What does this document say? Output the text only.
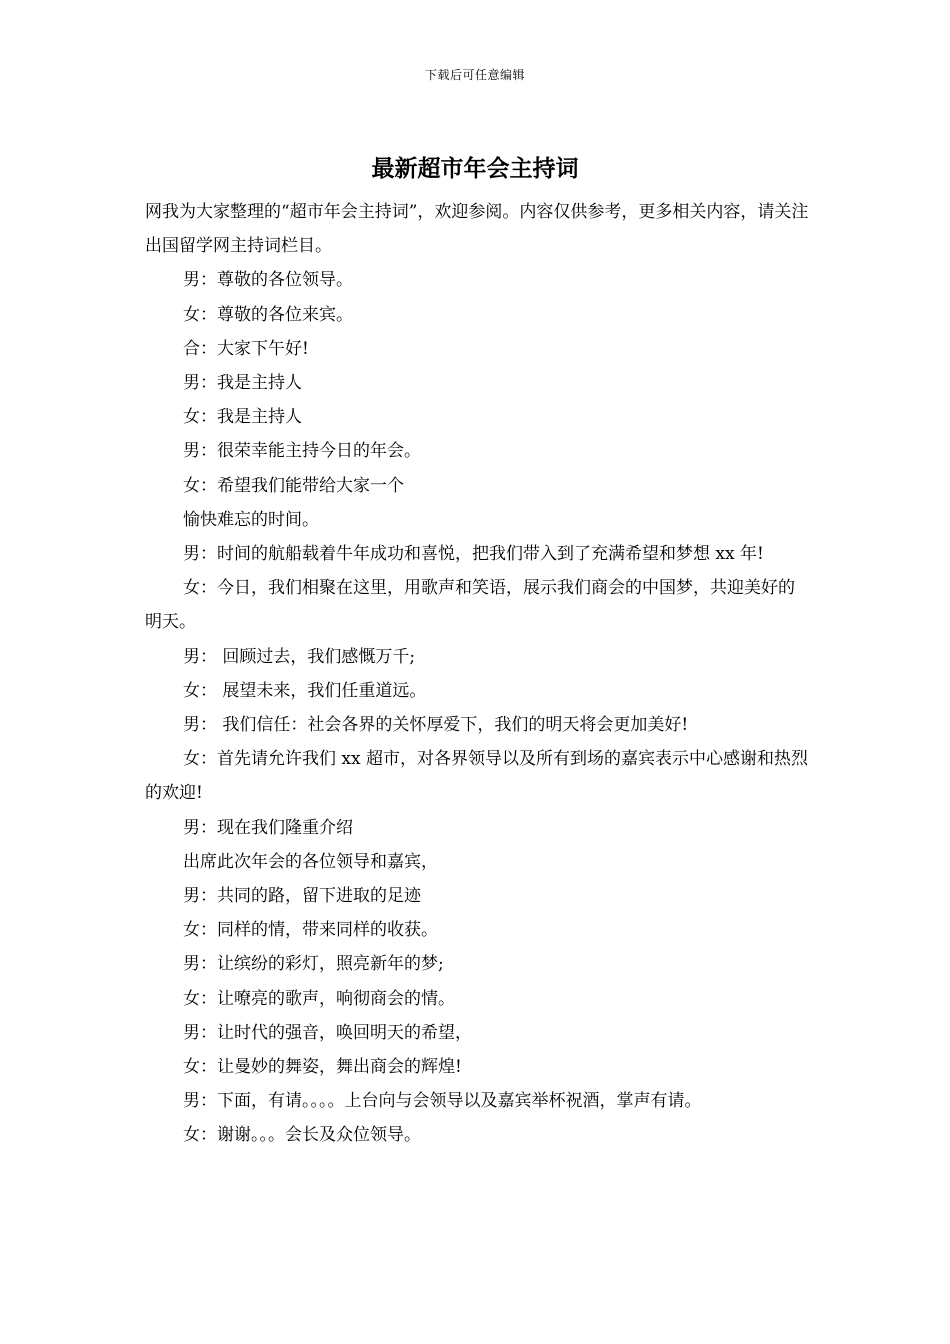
下载后可任意编辑
最新超市年会主持词

网我为大家整理的“超市年会主持词”，欢迎参阅。内容仅供参考，更多相关内容，请关注出国留学网主持词栏目。

男：尊敬的各位领导。

女：尊敬的各位来宾。

合：大家下午好!

男：我是主持人

女：我是主持人

男：很荣幸能主持今日的年会。

女：希望我们能带给大家一个

愉快难忘的时间。

男：时间的航船载着牛年成功和喜悦，把我们带入到了充满希望和梦想 xx 年!

女：今日，我们相聚在这里，用歌声和笑语，展示我们商会的中国梦，共迎美好的明天。

男： 回顾过去，我们感慨万千;

女： 展望未来，我们任重道远。

男： 我们信任：社会各界的关怀厚爱下，我们的明天将会更加美好!

女：首先请允许我们 xx 超市，对各界领导以及所有到场的嘉宾表示中心感谢和热烈的欢迎!

男：现在我们隆重介绍

出席此次年会的各位领导和嘉宾，

男：共同的路，留下进取的足迹

女：同样的情，带来同样的收获。

男：让缤纷的彩灯，照亮新年的梦;

女：让嘹亮的歌声，响彻商会的情。

男：让时代的强音，唤回明天的希望，

女：让曼妙的舞姿，舞出商会的辉煌!

男：下面，有请。。。。上台向与会领导以及嘉宾举杯祝酒，掌声有请。

女：谢谢。。。会长及众位领导。
